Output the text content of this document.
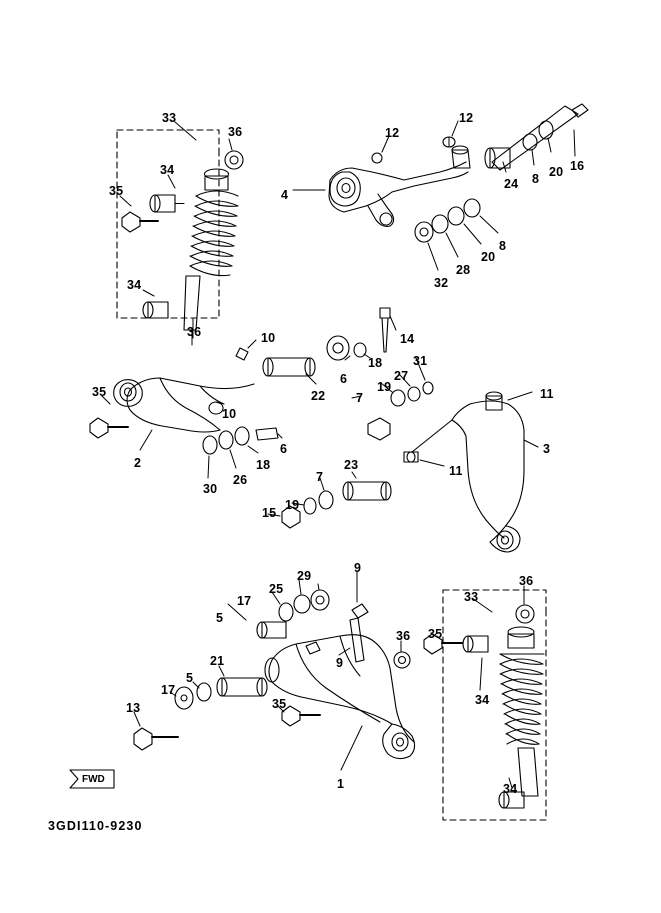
33
36
34
35
12
12
16
20
8
24
4
8
20
28
32
34
36	10	14
18 31
6
19
27
22 7
35	11
10
3
2
6
18
26
30
11
23
7
19
15
9
36
33
29
25
17
5
36 35
34
9
21
5
17
35
13
34
1
FWD
3GDI110-9230
